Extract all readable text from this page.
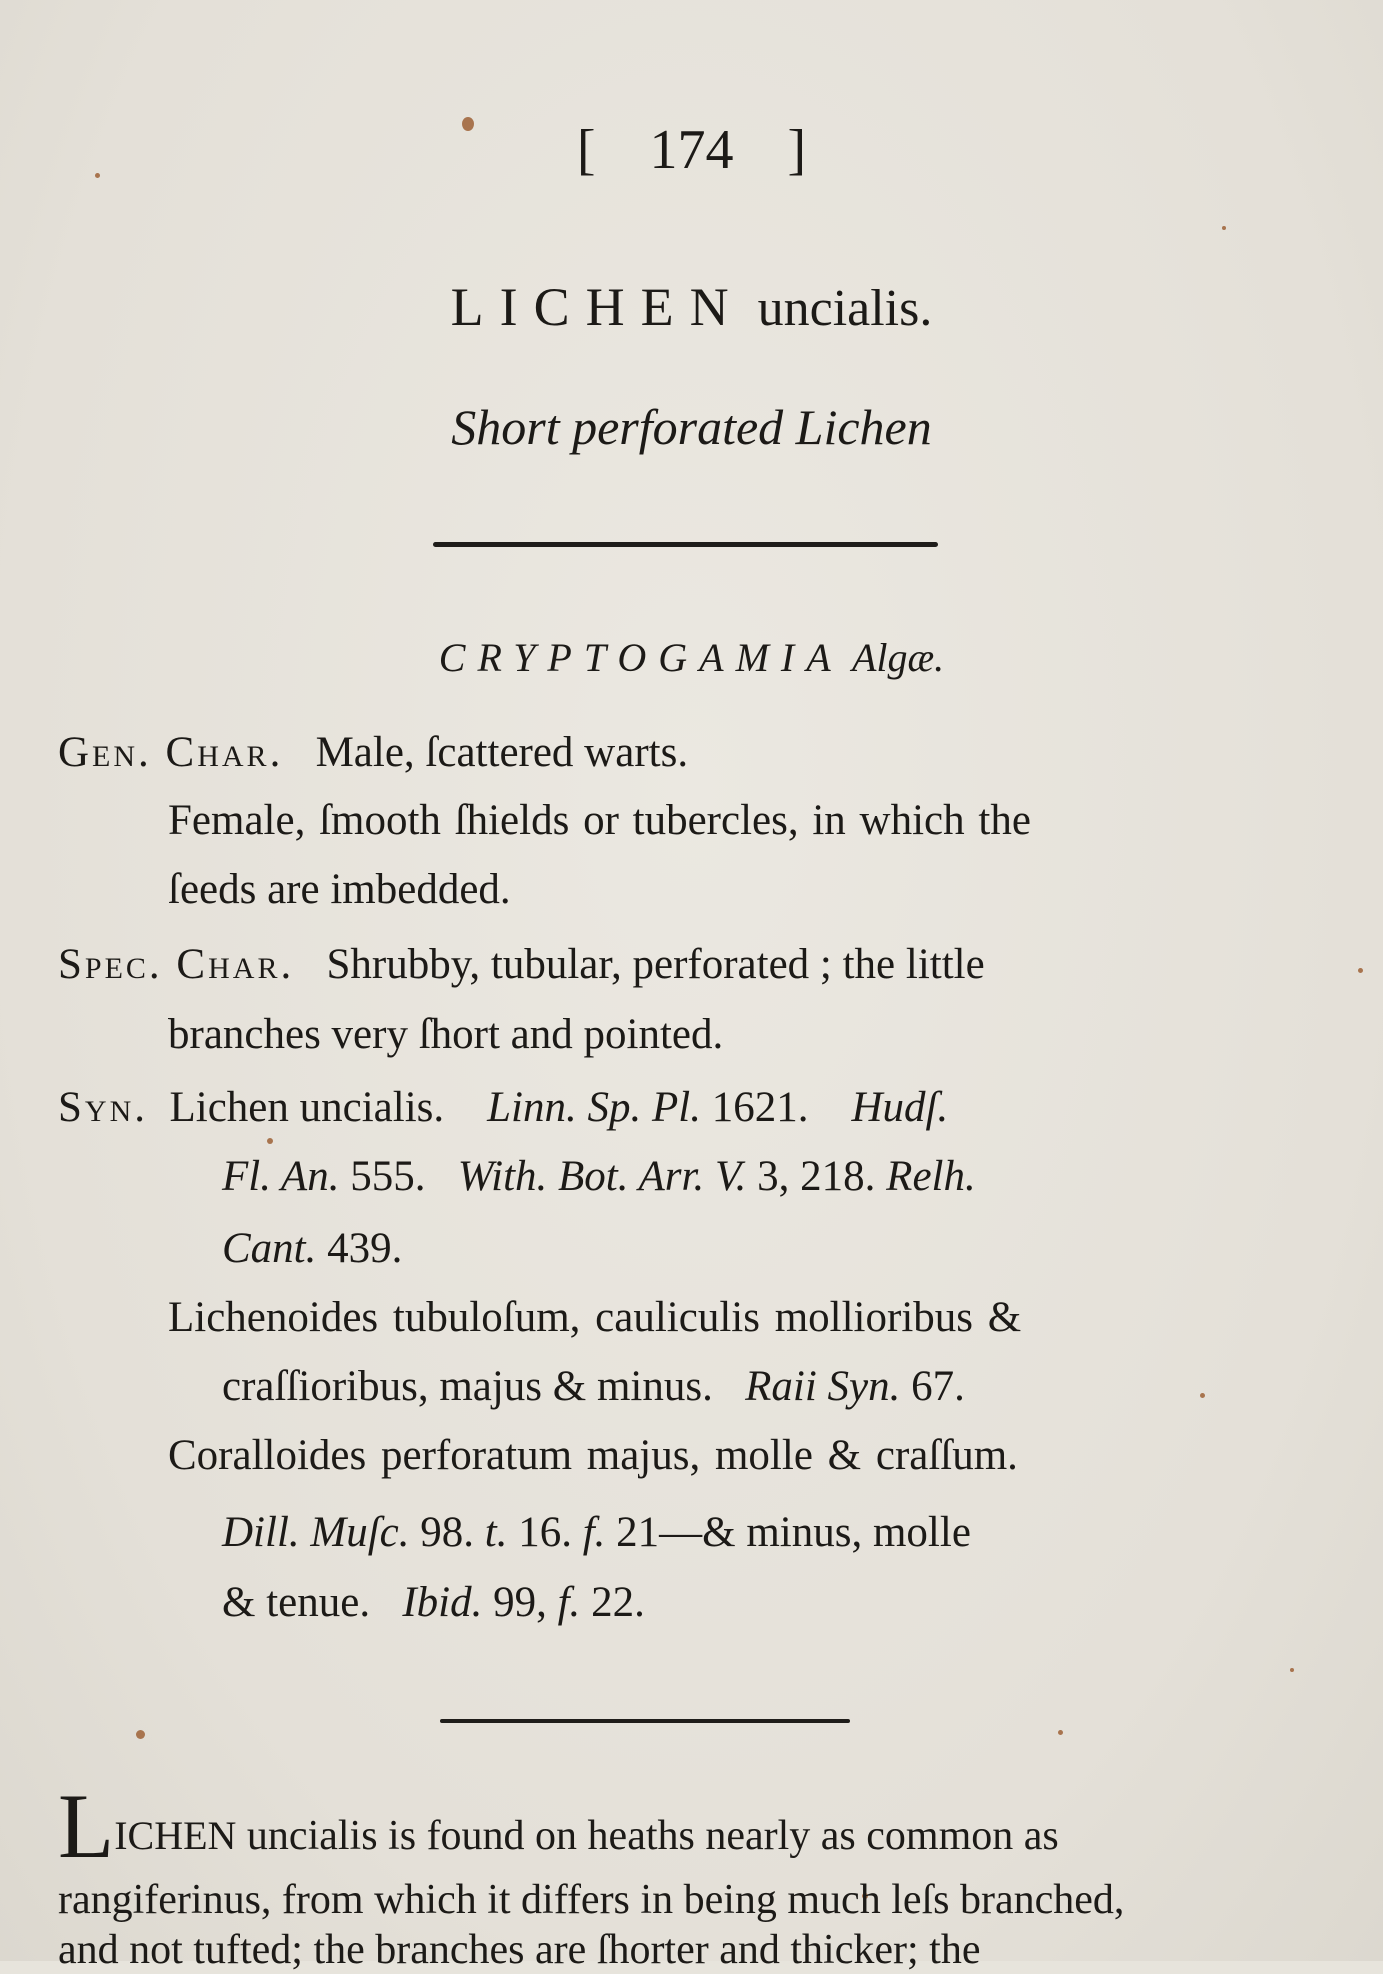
[ 174 ]
LICHEN uncialis.
Short perforated Lichen
CRYPTOGAMIA Algæ.
Gen. Char. Male, ſcattered warts.
Female, ſmooth ſhields or tubercles, in which the
ſeeds are imbedded.
Spec. Char. Shrubby, tubular, perforated ; the little
branches very ſhort and pointed.
Syn. Lichen uncialis. Linn. Sp. Pl. 1621. Hudſ.
Fl. An. 555. With. Bot. Arr. V. 3, 218. Relh.
Cant. 439.
Lichenoides tubuloſum, cauliculis mollioribus &
craſſioribus, majus & minus. Raii Syn. 67.
Coralloides perforatum majus, molle & craſſum.
Dill. Muſc. 98. t. 16. f. 21—& minus, molle
& tenue. Ibid. 99, f. 22.
LICHEN uncialis is found on heaths nearly as common as
rangiferinus, from which it differs in being much leſs branched,
and not tufted; the branches are ſhorter and thicker; the
